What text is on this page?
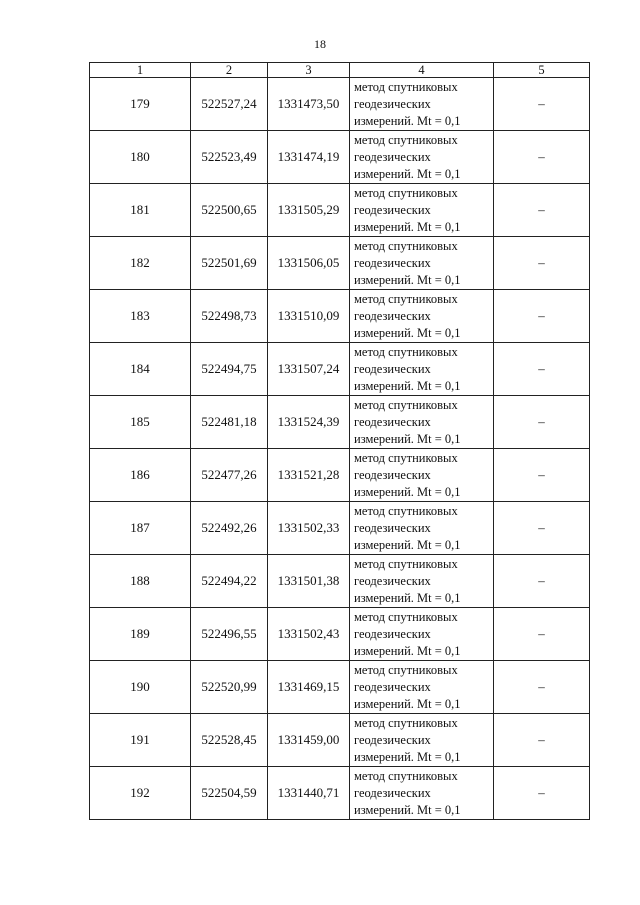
18
1	2	3	4	5
179	522527,24	1331473,50	метод спутниковых
геодезических
измерений. Mt = 0,1	–
180	522523,49	1331474,19	метод спутниковых
геодезических
измерений. Mt = 0,1	–
181	522500,65	1331505,29	метод спутниковых
геодезических
измерений. Mt = 0,1	–
182	522501,69	1331506,05	метод спутниковых
геодезических
измерений. Mt = 0,1	–
183	522498,73	1331510,09	метод спутниковых
геодезических
измерений. Mt = 0,1	–
184	522494,75	1331507,24	метод спутниковых
геодезических
измерений. Mt = 0,1	–
185	522481,18	1331524,39	метод спутниковых
геодезических
измерений. Mt = 0,1	–
186	522477,26	1331521,28	метод спутниковых
геодезических
измерений. Mt = 0,1	–
187	522492,26	1331502,33	метод спутниковых
геодезических
измерений. Mt = 0,1	–
188	522494,22	1331501,38	метод спутниковых
геодезических
измерений. Mt = 0,1	–
189	522496,55	1331502,43	метод спутниковых
геодезических
измерений. Mt = 0,1	–
190	522520,99	1331469,15	метод спутниковых
геодезических
измерений. Mt = 0,1	–
191	522528,45	1331459,00	метод спутниковых
геодезических
измерений. Mt = 0,1	–
192	522504,59	1331440,71	метод спутниковых
геодезических
измерений. Mt = 0,1	–
